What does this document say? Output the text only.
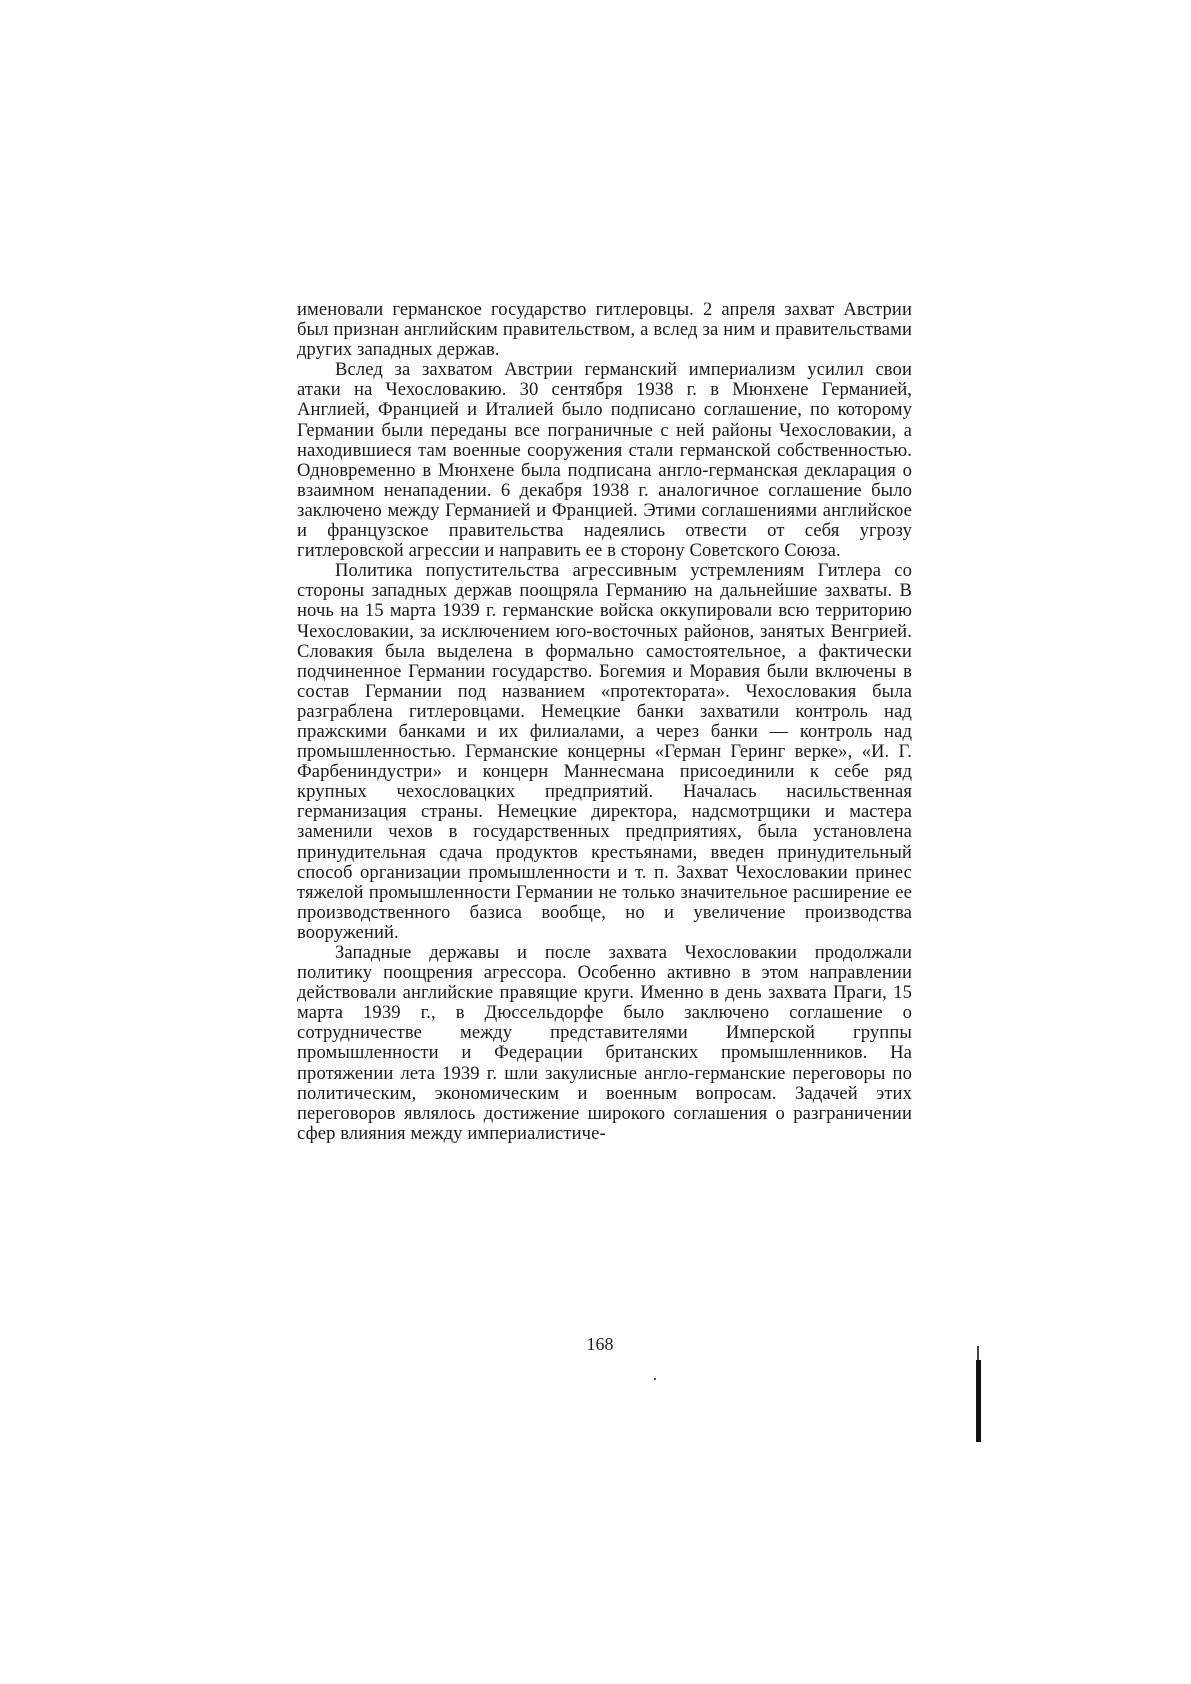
именовали германское государство гитлеровцы. 2 апреля захват Австрии был признан английским правительством, а вслед за ним и правительствами других западных держав.

Вслед за захватом Австрии германский империализм усилил свои атаки на Чехословакию. 30 сентября 1938 г. в Мюнхене Германией, Англией, Францией и Италией было подписано соглашение, по которому Германии были переданы все пограничные с ней районы Чехословакии, а находившиеся там военные сооружения стали германской собственностью. Одновременно в Мюнхене была подписана англо-германская декларация о взаимном ненападении. 6 декабря 1938 г. аналогичное соглашение было заключено между Германией и Францией. Этими соглашениями английское и французское правительства надеялись отвести от себя угрозу гитлеровской агрессии и направить ее в сторону Советского Союза.

Политика попустительства агрессивным устремлениям Гитлера со стороны западных держав поощряла Германию на дальнейшие захваты. В ночь на 15 марта 1939 г. германские войска оккупировали всю территорию Чехословакии, за исключением юго-восточных районов, занятых Венгрией. Словакия была выделена в формально самостоятельное, а фактически подчиненное Германии государство. Богемия и Моравия были включены в состав Германии под названием «протектората». Чехословакия была разграблена гитлеровцами. Немецкие банки захватили контроль над пражскими банками и их филиалами, а через банки — контроль над промышленностью. Германские концерны «Герман Геринг верке», «И. Г. Фарбениндустри» и концерн Маннесмана присоединили к себе ряд крупных чехословацких предприятий. Началась насильственная германизация страны. Немецкие директора, надсмотрщики и мастера заменили чехов в государственных предприятиях, была установлена принудительная сдача продуктов крестьянами, введен принудительный способ организации промышленности и т. п. Захват Чехословакии принес тяжелой промышленности Германии не только значительное расширение ее производственного базиса вообще, но и увеличение производства вооружений.

Западные державы и после захвата Чехословакии продолжали политику поощрения агрессора. Особенно активно в этом направлении действовали английские правящие круги. Именно в день захвата Праги, 15 марта 1939 г., в Дюссельдорфе было заключено соглашение о сотрудничестве между представителями Имперской группы промышленности и Федерации британских промышленников. На протяжении лета 1939 г. шли закулисные англо-германские переговоры по политическим, экономическим и военным вопросам. Задачей этих переговоров являлось достижение широкого соглашения о разграничении сфер влияния между империалистиче-

168
